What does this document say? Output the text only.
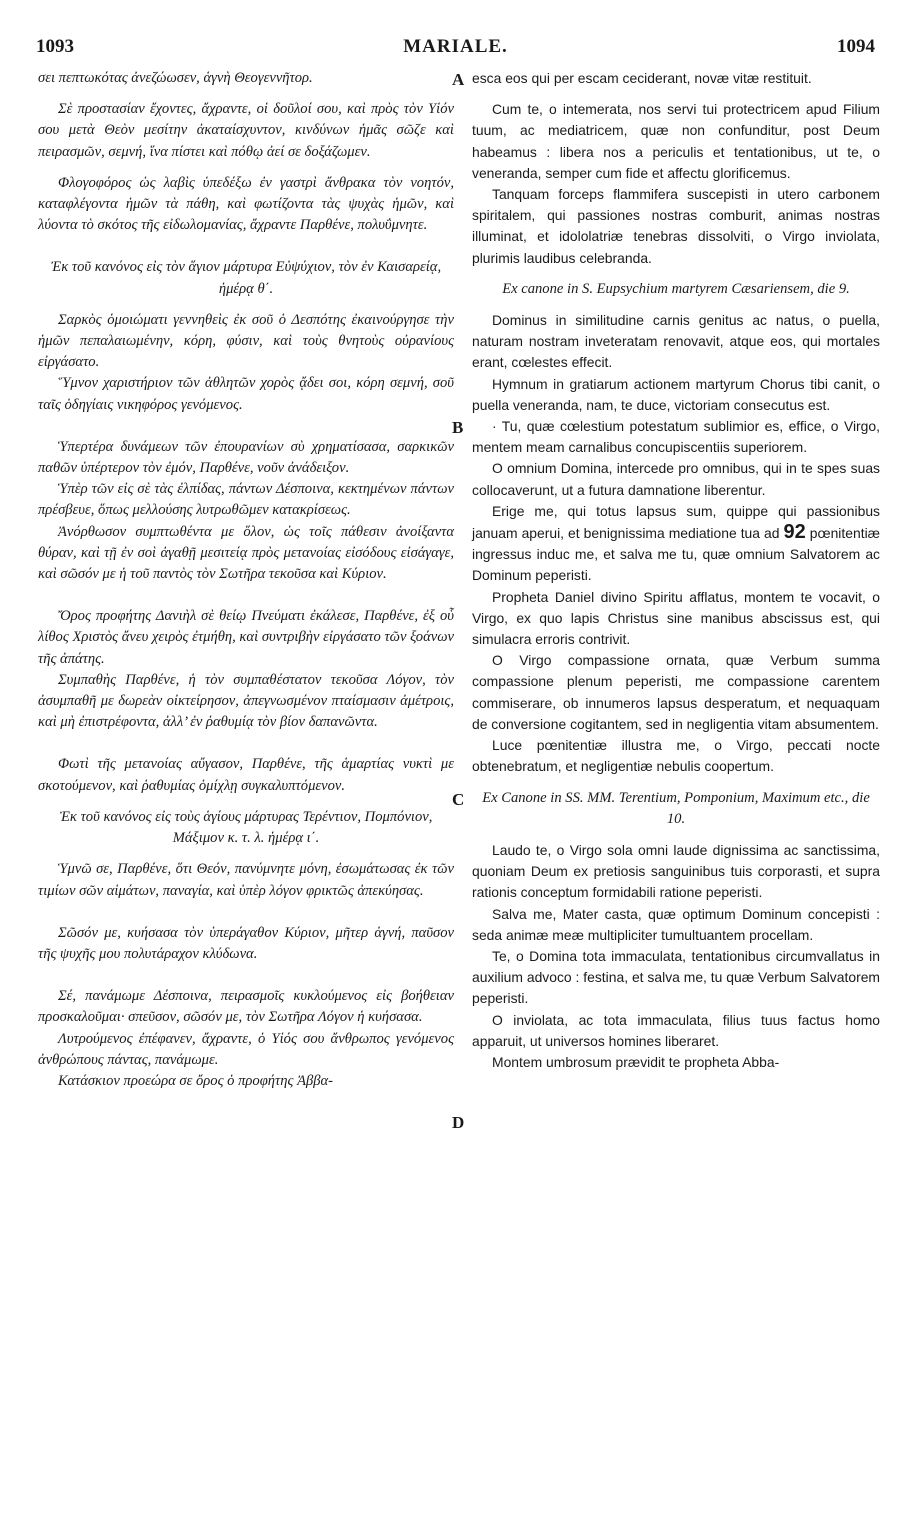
1093	MARIALE.	1094
A
B
C
D

σει πεπτωκότας ἀνεζώωσεν, ἁγνὴ Θεογεννῆτορ.

Σὲ προστασίαν ἔχοντες, ἄχραντε, οἱ δοῦλοί σου, καὶ πρὸς τὸν Υἱόν σου μετὰ Θεὸν μεσίτην ἀκαταίσχυντον, κινδύνων ἡμᾶς σῶζε καὶ πειρασμῶν, σεμνή, ἵνα πίστει καὶ πόθῳ ἀεί σε δοξάζωμεν.

Φλογοφόρος ὡς λαβὶς ὑπεδέξω ἐν γαστρὶ ἄνθρακα τὸν νοητόν, καταφλέγοντα ἡμῶν τὰ πάθη, καὶ φωτίζοντα τὰς ψυχὰς ἡμῶν, καὶ λύοντα τὸ σκότος τῆς εἰδωλομανίας, ἄχραντε Παρθένε, πολυΰμνητε.

Ἐκ τοῦ κανόνος εἰς τὸν ἅγιον μάρτυρα Εὐψύχιον, τὸν ἐν Καισαρείᾳ, ἡμέρᾳ θ΄.

Σαρκὸς ὁμοιώματι γεννηθεὶς ἐκ σοῦ ὁ Δεσπότης ἐκαινούργησε τὴν ἡμῶν πεπαλαιωμένην, κόρη, φύσιν, καὶ τοὺς θνητοὺς οὐρανίους εἰργάσατο.

Ὕμνον χαριστήριον τῶν ἀθλητῶν χορὸς ᾄδει σοι, κόρη σεμνή, σοῦ ταῖς ὁδηγίαις νικηφόρος γενόμενος.

Ὑπερτέρα δυνάμεων τῶν ἐπουρανίων σὺ χρηματίσασα, σαρκικῶν παθῶν ὑπέρτερον τὸν ἐμόν, Παρθένε, νοῦν ἀνάδειξον.

Ὑπὲρ τῶν εἰς σὲ τὰς ἐλπίδας, πάντων Δέσποινα, κεκτημένων πάντων πρέσβευε, ὅπως μελλούσης λυτρωθῶμεν κατακρίσεως.

Ἀνόρθωσον συμπτωθέντα με ὅλον, ὡς τοῖς πάθεσιν ἀνοίξαντα θύραν, καὶ τῇ ἐν σοὶ ἀγαθῇ μεσιτείᾳ πρὸς μετανοίας εἰσόδους εἰσάγαγε, καὶ σῶσόν με ἡ τοῦ παντὸς τὸν Σωτῆρα τεκοῦσα καὶ Κύριον.

Ὄρος προφήτης Δανιὴλ σὲ θείῳ Πνεύματι ἐκάλεσε, Παρθένε, ἐξ οὗ λίθος Χριστὸς ἄνευ χειρὸς ἐτμήθη, καὶ συντριβὴν εἰργάσατο τῶν ξοάνων τῆς ἀπάτης.

Συμπαθὴς Παρθένε, ἡ τὸν συμπαθέστατον τεκοῦσα Λόγον, τὸν ἀσυμπαθῆ με δωρεὰν οἰκτείρησον, ἀπεγνωσμένον πταίσμασιν ἀμέτροις, καὶ μὴ ἐπιστρέφοντα, ἀλλ’ ἐν ῥαθυμίᾳ τὸν βίον δαπανῶντα.

Φωτὶ τῆς μετανοίας αὔγασον, Παρθένε, τῆς ἁμαρτίας νυκτὶ με σκοτούμενον, καὶ ῥαθυμίας ὁμίχλῃ συγκαλυπτόμενον.

Ἐκ τοῦ κανόνος εἰς τοὺς ἁγίους μάρτυρας Τερέντιον, Πομπόνιον, Μάξιμον κ. τ. λ. ἡμέρᾳ ι΄.

Ὑμνῶ σε, Παρθένε, ὅτι Θεόν, πανύμνητε μόνη, ἐσωμάτωσας ἐκ τῶν τιμίων σῶν αἱμάτων, παναγία, καὶ ὑπὲρ λόγον φρικτῶς ἀπεκύησας.

Σῶσόν με, κυήσασα τὸν ὑπεράγαθον Κύριον, μῆτερ ἁγνή, παῦσον τῆς ψυχῆς μου πολυτάραχον κλύδωνα.

Σέ, πανάμωμε Δέσποινα, πειρασμοῖς κυκλούμενος εἰς βοήθειαν προσκαλοῦμαι· σπεῦσον, σῶσόν με, τὸν Σωτῆρα Λόγον ἡ κυήσασα.

Λυτρούμενος ἐπέφανεν, ἄχραντε, ὁ Υἱός σου ἄνθρωπος γενόμενος ἀνθρώπους πάντας, πανάμωμε.

Κατάσκιον προεώρα σε ὄρος ὁ προφήτης Ἀββα-

esca eos qui per escam ceciderant, novæ vitæ restituit.

Cum te, o intemerata, nos servi tui protectricem apud Filium tuum, ac mediatricem, quæ non confunditur, post Deum habeamus : libera nos a periculis et tentationibus, ut te, o veneranda, semper cum fide et affectu glorificemus.

Tanquam forceps flammifera suscepisti in utero carbonem spiritalem, qui passiones nostras comburit, animas nostras illuminat, et idololatriæ tenebras dissolviti, o Virgo inviolata, plurimis laudibus celebranda.

Ex canone in S. Eupsychium martyrem Cæsariensem, die 9.

Dominus in similitudine carnis genitus ac natus, o puella, naturam nostram inveteratam renovavit, atque eos, qui mortales erant, cœlestes effecit.

Hymnum in gratiarum actionem martyrum Chorus tibi canit, o puella veneranda, nam, te duce, victoriam consecutus est.

· Tu, quæ cœlestium potestatum sublimior es, effice, o Virgo, mentem meam carnalibus concupiscentiis superiorem.

O omnium Domina, intercede pro omnibus, qui in te spes suas collocaverunt, ut a futura damnatione liberentur.

Erige me, qui totus lapsus sum, quippe qui passionibus januam aperui, et benignissima mediatione tua ad 92 pœnitentiæ ingressus induc me, et salva me tu, quæ omnium Salvatorem ac Dominum peperisti.

Propheta Daniel divino Spiritu afflatus, montem te vocavit, o Virgo, ex quo lapis Christus sine manibus abscissus est, qui simulacra erroris contrivit.

O Virgo compassione ornata, quæ Verbum summa compassione plenum peperisti, me compassione carentem commiserare, ob innumeros lapsus desperatum, et nequaquam de conversione cogitantem, sed in negligentia vitam absumentem.

Luce pœnitentiæ illustra me, o Virgo, peccati nocte obtenebratum, et negligentiæ nebulis coopertum.

Ex Canone in SS. MM. Terentium, Pomponium, Maximum etc., die 10.

Laudo te, o Virgo sola omni laude dignissima ac sanctissima, quoniam Deum ex pretiosis sanguinibus tuis corporasti, et supra rationis conceptum formidabili ratione peperisti.

Salva me, Mater casta, quæ optimum Dominum concepisti : seda animæ meæ multipliciter tumultuantem procellam.

Te, o Domina tota immaculata, tentationibus circumvallatus in auxilium advoco : festina, et salva me, tu quæ Verbum Salvatorem peperisti.

O inviolata, ac tota immaculata, filius tuus factus homo apparuit, ut universos homines liberaret.

Montem umbrosum prævidit te propheta Abba-
